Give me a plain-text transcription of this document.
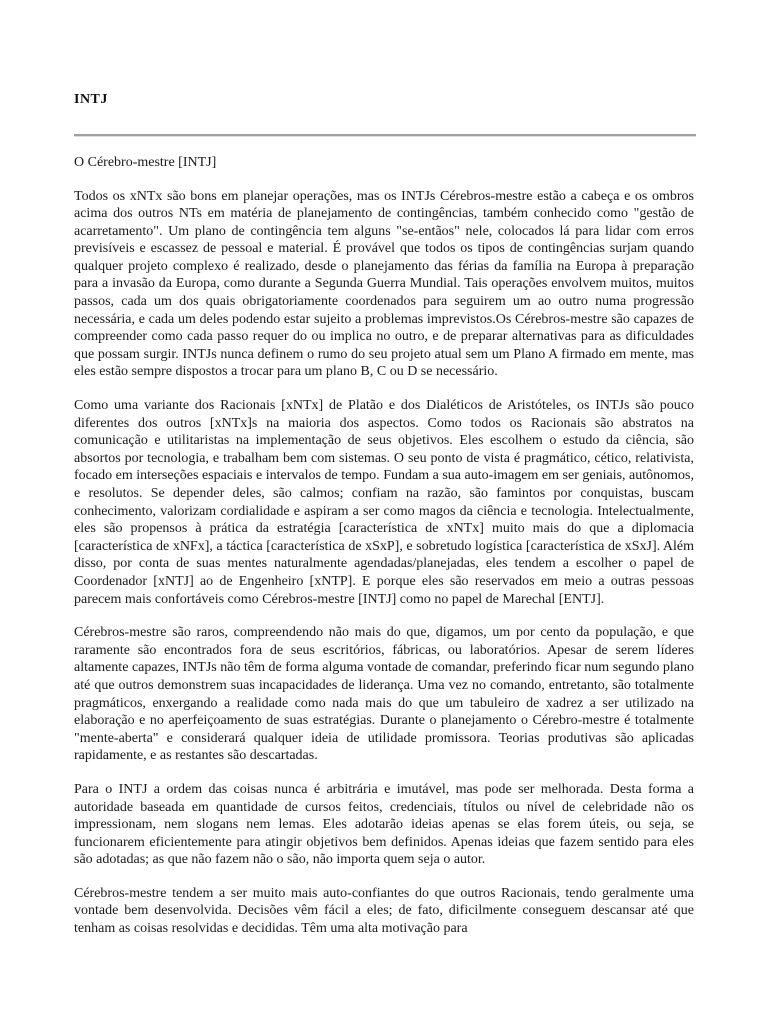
INTJ

O Cérebro-mestre [INTJ]

Todos os xNTx são bons em planejar operações, mas os INTJs Cérebros-mestre estão a cabeça e os ombros acima dos outros NTs em matéria de planejamento de contingências, também conhecido como "gestão de acarretamento". Um plano de contingência tem alguns "se-entãos" nele, colocados lá para lidar com erros previsíveis e escassez de pessoal e material. É provável que todos os tipos de contingências surjam quando qualquer projeto complexo é realizado, desde o planejamento das férias da família na Europa à preparação para a invasão da Europa, como durante a Segunda Guerra Mundial. Tais operações envolvem muitos, muitos passos, cada um dos quais obrigatoriamente coordenados para seguirem um ao outro numa progressão necessária, e cada um deles podendo estar sujeito a problemas imprevistos.Os Cérebros-mestre são capazes de compreender como cada passo requer do ou implica no outro, e de preparar alternativas para as dificuldades que possam surgir. INTJs nunca definem o rumo do seu projeto atual sem um Plano A firmado em mente, mas eles estão sempre dispostos a trocar para um plano B, C ou D se necessário.

Como uma variante dos Racionais [xNTx] de Platão e dos Dialéticos de Aristóteles, os INTJs são pouco diferentes dos outros [xNTx]s na maioria dos aspectos. Como todos os Racionais são abstratos na comunicação e utilitaristas na implementação de seus objetivos. Eles escolhem o estudo da ciência, são absortos por tecnologia, e trabalham bem com sistemas. O seu ponto de vista é pragmático, cético, relativista, focado em interseções espaciais e intervalos de tempo. Fundam a sua auto-imagem em ser geniais, autônomos, e resolutos. Se depender deles, são calmos; confiam na razão, são famintos por conquistas, buscam conhecimento, valorizam cordialidade e aspiram a ser como magos da ciência e tecnologia. Intelectualmente, eles são propensos à prática da estratégia [característica de xNTx] muito mais do que a diplomacia [característica de xNFx], a táctica [característica de xSxP], e sobretudo logística [característica de xSxJ]. Além disso, por conta de suas mentes naturalmente agendadas/planejadas, eles tendem a escolher o papel de Coordenador [xNTJ] ao de Engenheiro [xNTP]. E porque eles são reservados em meio a outras pessoas parecem mais confortáveis como Cérebros-mestre [INTJ] como no papel de Marechal [ENTJ].

Cérebros-mestre são raros, compreendendo não mais do que, digamos, um por cento da população, e que raramente são encontrados fora de seus escritórios, fábricas, ou laboratórios. Apesar de serem líderes altamente capazes, INTJs não têm de forma alguma vontade de comandar, preferindo ficar num segundo plano até que outros demonstrem suas incapacidades de liderança. Uma vez no comando, entretanto, são totalmente pragmáticos, enxergando a realidade como nada mais do que um tabuleiro de xadrez a ser utilizado na elaboração e no aperfeiçoamento de suas estratégias. Durante o planejamento o Cérebro-mestre é totalmente "mente-aberta" e considerará qualquer ideia de utilidade promissora. Teorias produtivas são aplicadas rapidamente, e as restantes são descartadas.

Para o INTJ a ordem das coisas nunca é arbitrária e imutável, mas pode ser melhorada. Desta forma a autoridade baseada em quantidade de cursos feitos, credenciais, títulos ou nível de celebridade não os impressionam, nem slogans nem lemas. Eles adotarão ideias apenas se elas forem úteis, ou seja, se funcionarem eficientemente para atingir objetivos bem definidos. Apenas ideias que fazem sentido para eles são adotadas; as que não fazem não o são, não importa quem seja o autor.

Cérebros-mestre tendem a ser muito mais auto-confiantes do que outros Racionais, tendo geralmente uma vontade bem desenvolvida. Decisões vêm fácil a eles; de fato, dificilmente conseguem descansar até que tenham as coisas resolvidas e decididas. Têm uma alta motivação para
